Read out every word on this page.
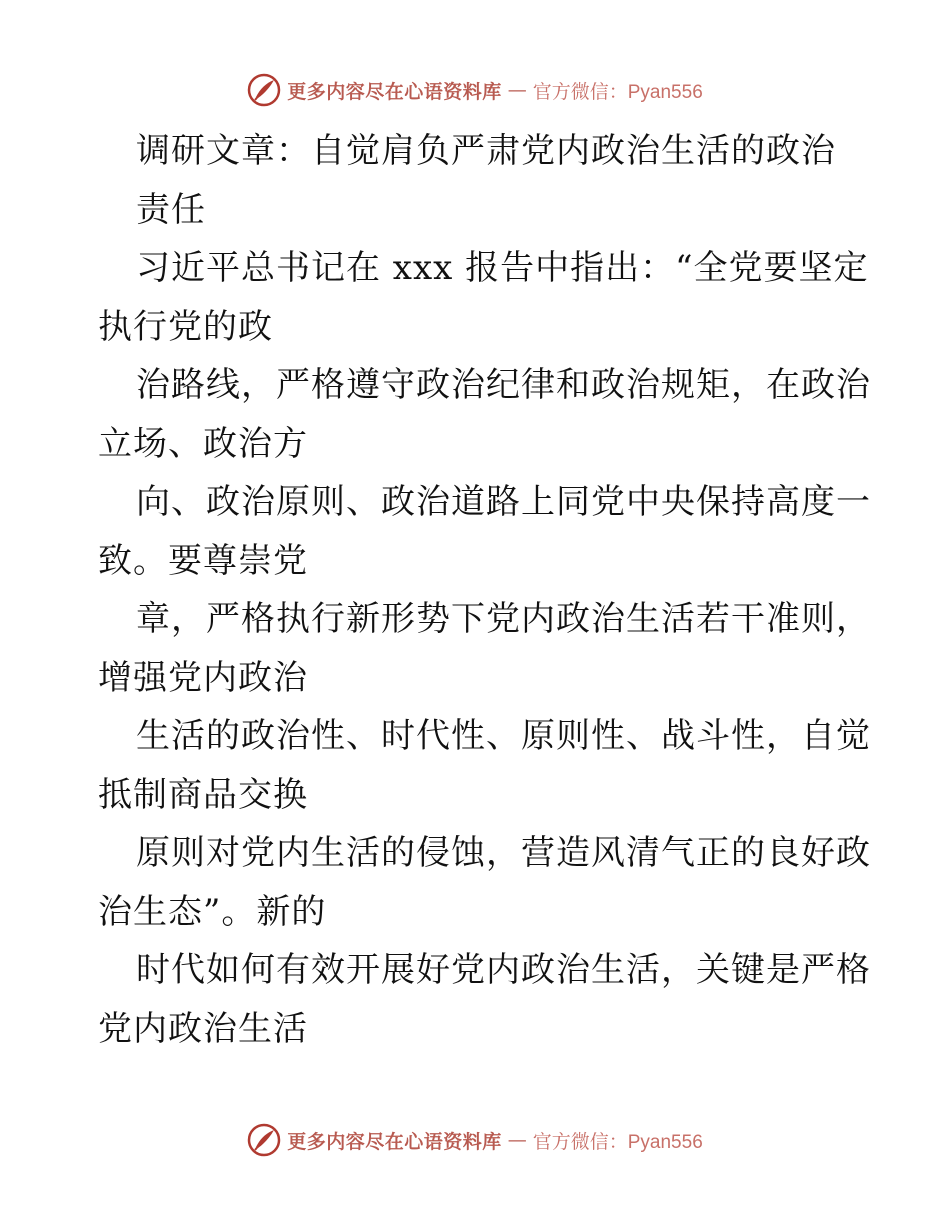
更多内容尽在心语资料库 — 官方微信：Pyan556
调研文章：自觉肩负严肃党内政治生活的政治
责任
习近平总书记在 xxx 报告中指出：“全党要坚定
执行党的政
治路线，严格遵守政治纪律和政治规矩，在政治
立场、政治方
向、政治原则、政治道路上同党中央保持高度一
致。要尊崇党
章，严格执行新形势下党内政治生活若干准则，
增强党内政治
生活的政治性、时代性、原则性、战斗性，自觉
抵制商品交换
原则对党内生活的侵蚀，营造风清气正的良好政
治生态”。新的
时代如何有效开展好党内政治生活，关键是严格
党内政治生活
更多内容尽在心语资料库 — 官方微信：Pyan556
